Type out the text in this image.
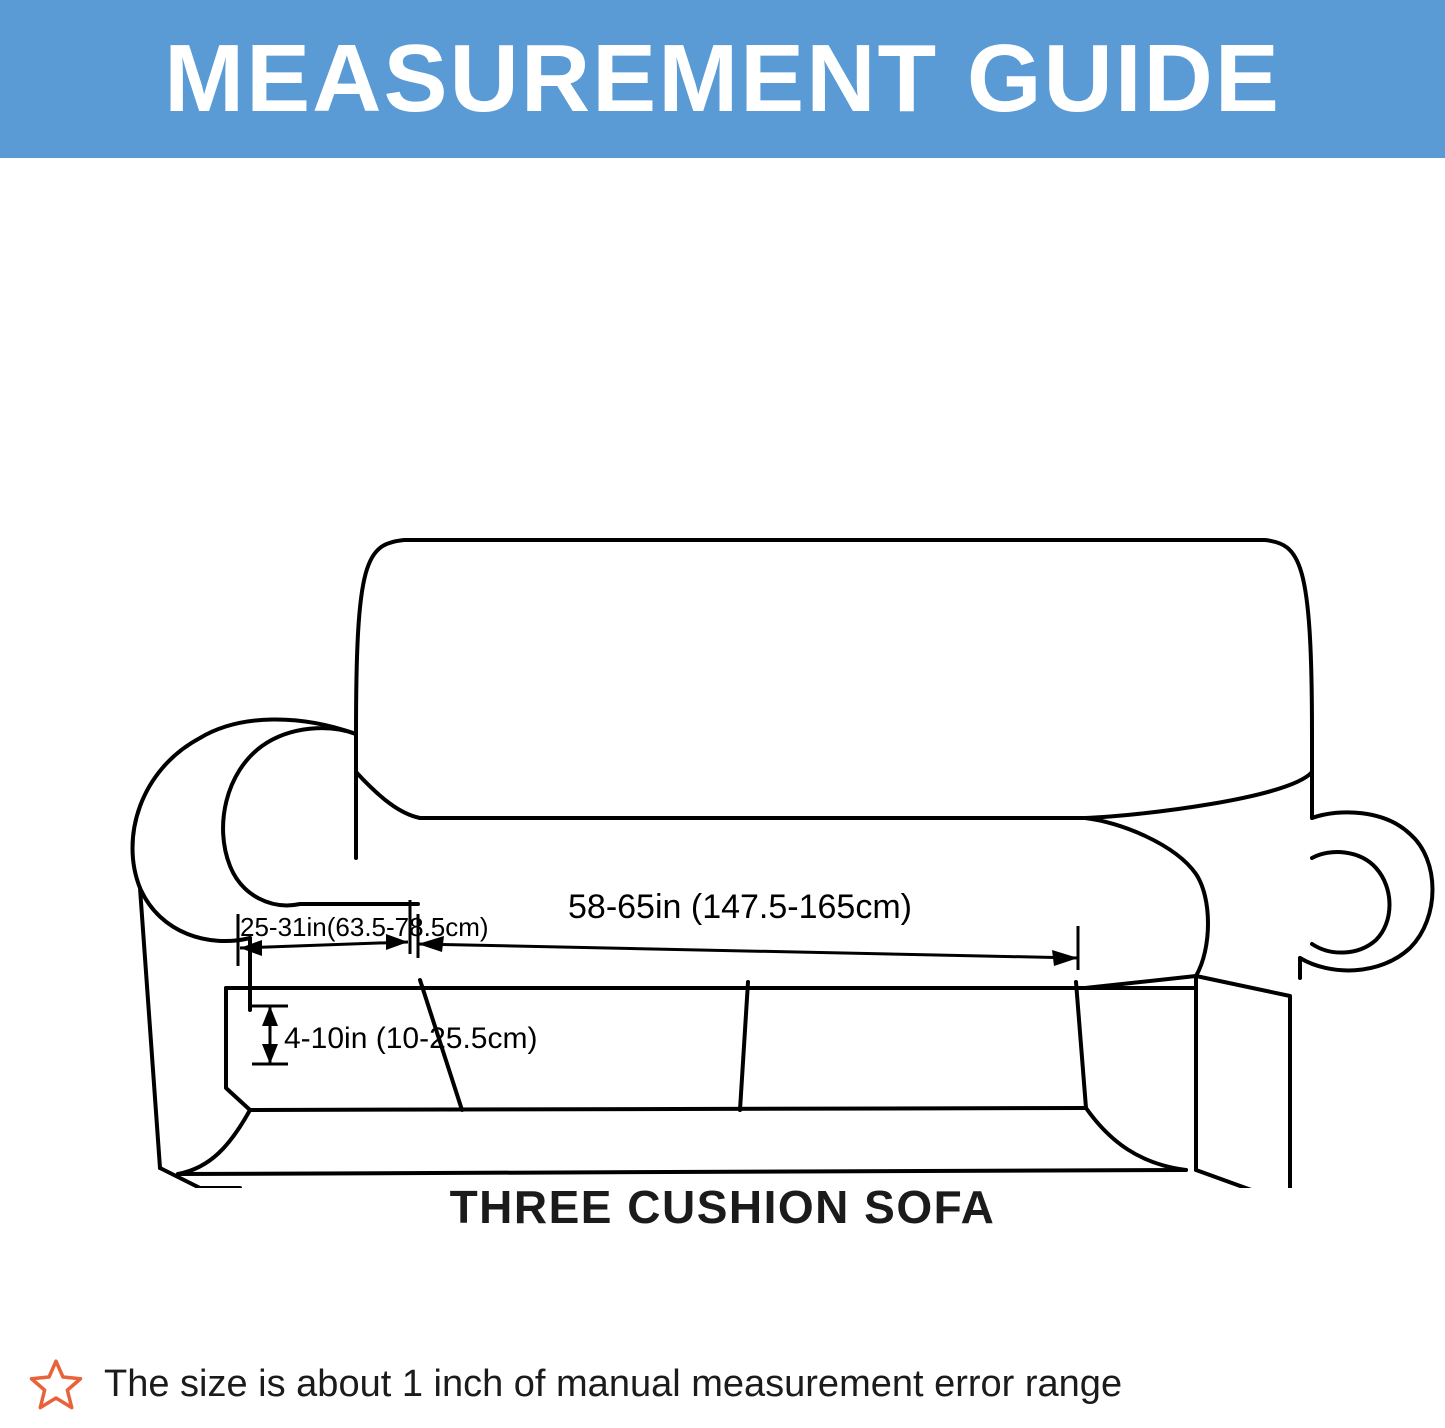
MEASUREMENT GUIDE
58-65in (147.5-165cm)
25-31in(63.5-78.5cm)
4-10in (10-25.5cm)
THREE CUSHION SOFA
The size is about 1 inch of manual measurement error range
